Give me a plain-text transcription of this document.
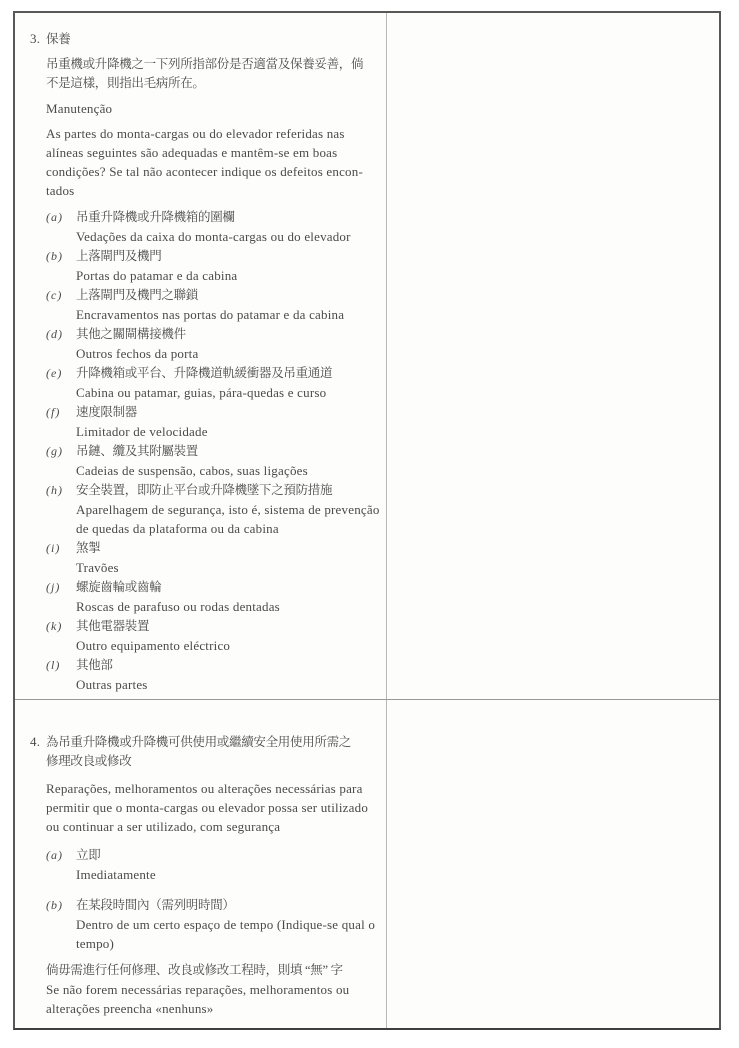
3. 保養
吊重機或升降機之一下列所指部份是否適當及保養妥善，倘
不是這樣，則指出毛病所在。
Manutenção
As partes do monta-cargas ou do elevador referidas nas
alíneas seguintes são adequadas e mantêm-se em boas
condições? Se tal não acontecer indique os defeitos encon-
tados
(a) 吊重升降機或升降機箱的圍欄
Vedações da caixa do monta-cargas ou do elevador
(b) 上落閘門及機門
Portas do patamar e da cabina
(c) 上落閘門及機門之聯鎖
Encravamentos nas portas do patamar e da cabina
(d) 其他之關閘構接機件
Outros fechos da porta
(e) 升降機箱或平台、升降機道軌緩衝器及吊重通道
Cabina ou patamar, guias, pára-quedas e curso
(f) 速度限制器
Limitador de velocidade
(g) 吊鏈、纜及其附屬裝置
Cadeias de suspensão, cabos, suas ligações
(h) 安全裝置，即防止平台或升降機墜下之預防措施
Aparelhagem de segurança, isto é, sistema de prevenção de quedas da plataforma ou da cabina
(i) 煞掣
Travões
(j) 螺旋齒輪或齒輪
Roscas de parafuso ou rodas dentadas
(k) 其他電器裝置
Outro equipamento eléctrico
(l) 其他部
Outras partes
4. 為吊重升降機或升降機可供使用或繼續安全用使用所需之
修理改良或修改
Reparações, melhoramentos ou alterações necessárias para
permitir que o monta-cargas ou elevador possa ser utilizado
ou continuar a ser utilizado, com segurança
(a) 立即
Imediatamente
(b) 在某段時間內（需列明時間）
Dentro de um certo espaço de tempo (Indique-se qual o tempo)
倘毋需進行任何修理、改良或修改工程時，則填 “無” 字
Se não forem necessárias reparações, melhoramentos ou
alterações preencha «nenhuns»
